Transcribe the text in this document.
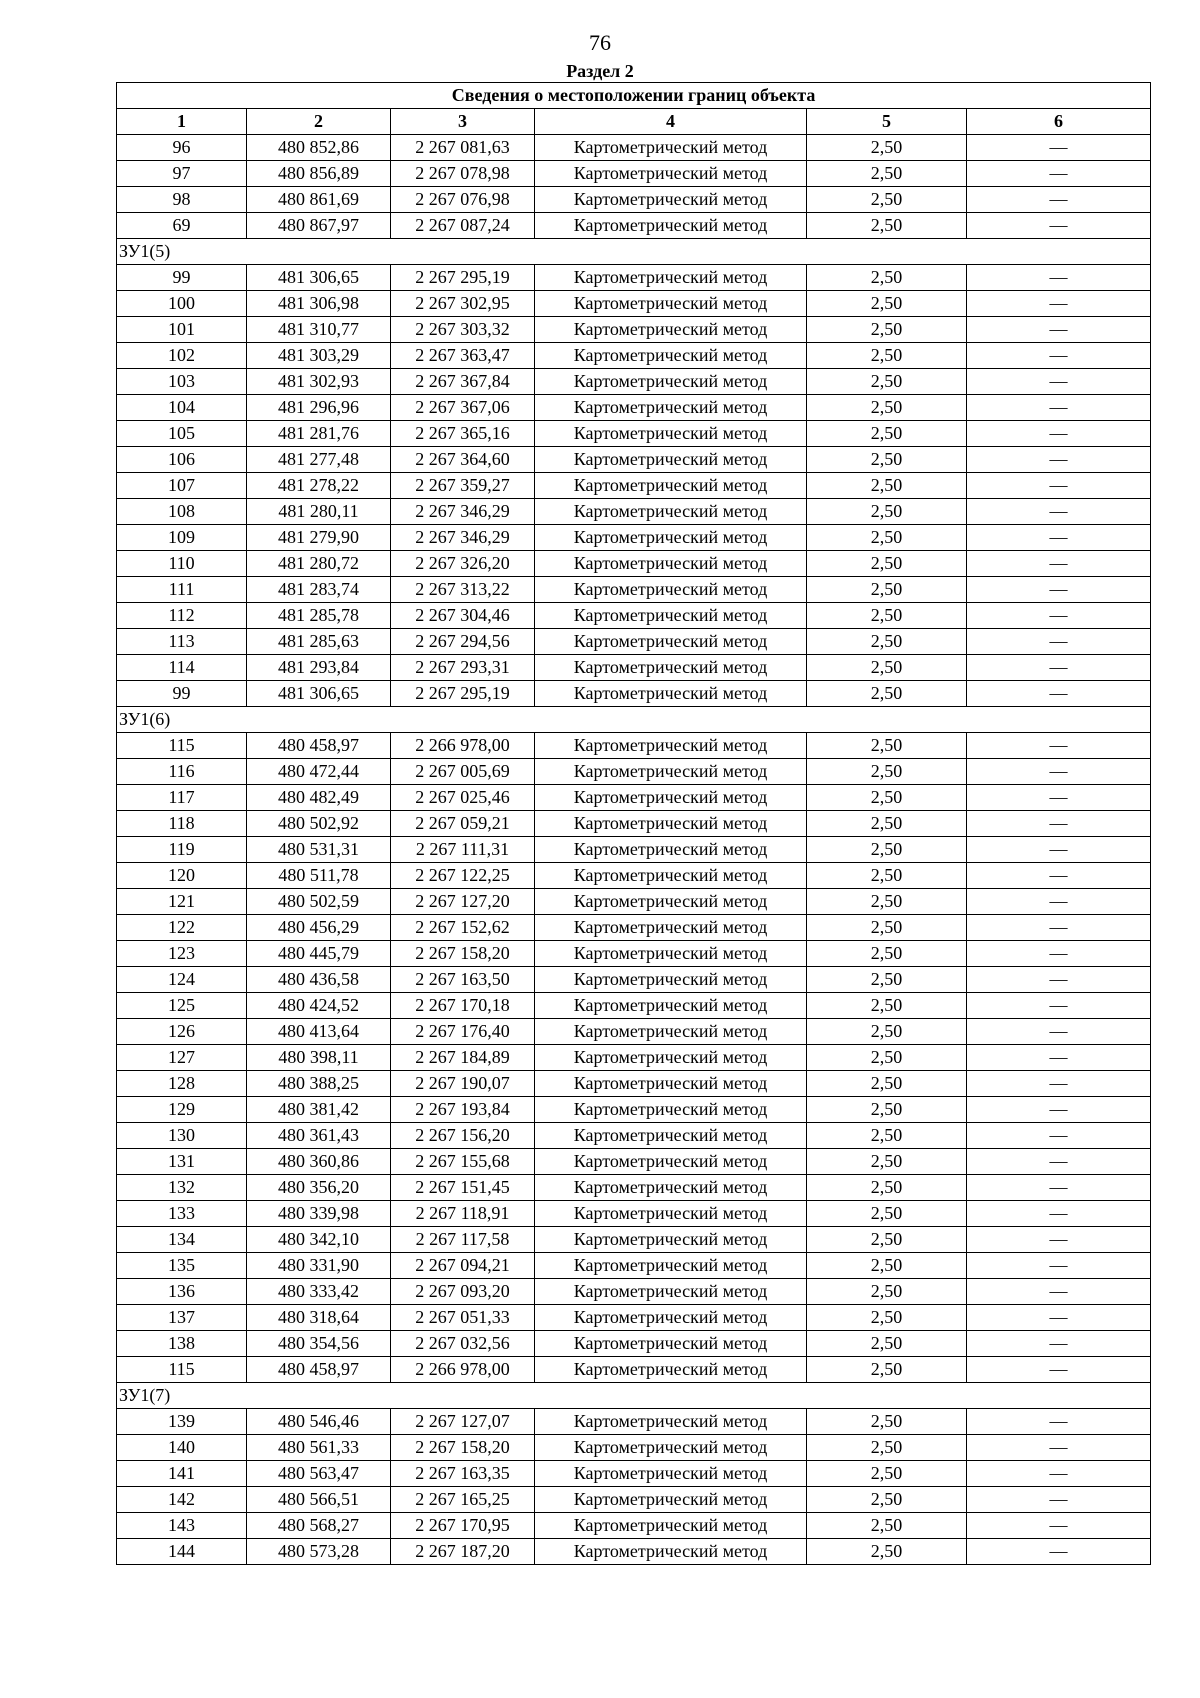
76
Раздел 2
Сведения о местоположении границ объекта					
1	2	3	4	5	6
96	480 852,86	2 267 081,63	Картометрический метод	2,50	—
97	480 856,89	2 267 078,98	Картометрический метод	2,50	—
98	480 861,69	2 267 076,98	Картометрический метод	2,50	—
69	480 867,97	2 267 087,24	Картометрический метод	2,50	—
ЗУ1(5)					
99	481 306,65	2 267 295,19	Картометрический метод	2,50	—
100	481 306,98	2 267 302,95	Картометрический метод	2,50	—
101	481 310,77	2 267 303,32	Картометрический метод	2,50	—
102	481 303,29	2 267 363,47	Картометрический метод	2,50	—
103	481 302,93	2 267 367,84	Картометрический метод	2,50	—
104	481 296,96	2 267 367,06	Картометрический метод	2,50	—
105	481 281,76	2 267 365,16	Картометрический метод	2,50	—
106	481 277,48	2 267 364,60	Картометрический метод	2,50	—
107	481 278,22	2 267 359,27	Картометрический метод	2,50	—
108	481 280,11	2 267 346,29	Картометрический метод	2,50	—
109	481 279,90	2 267 346,29	Картометрический метод	2,50	—
110	481 280,72	2 267 326,20	Картометрический метод	2,50	—
111	481 283,74	2 267 313,22	Картометрический метод	2,50	—
112	481 285,78	2 267 304,46	Картометрический метод	2,50	—
113	481 285,63	2 267 294,56	Картометрический метод	2,50	—
114	481 293,84	2 267 293,31	Картометрический метод	2,50	—
99	481 306,65	2 267 295,19	Картометрический метод	2,50	—
ЗУ1(6)					
115	480 458,97	2 266 978,00	Картометрический метод	2,50	—
116	480 472,44	2 267 005,69	Картометрический метод	2,50	—
117	480 482,49	2 267 025,46	Картометрический метод	2,50	—
118	480 502,92	2 267 059,21	Картометрический метод	2,50	—
119	480 531,31	2 267 111,31	Картометрический метод	2,50	—
120	480 511,78	2 267 122,25	Картометрический метод	2,50	—
121	480 502,59	2 267 127,20	Картометрический метод	2,50	—
122	480 456,29	2 267 152,62	Картометрический метод	2,50	—
123	480 445,79	2 267 158,20	Картометрический метод	2,50	—
124	480 436,58	2 267 163,50	Картометрический метод	2,50	—
125	480 424,52	2 267 170,18	Картометрический метод	2,50	—
126	480 413,64	2 267 176,40	Картометрический метод	2,50	—
127	480 398,11	2 267 184,89	Картометрический метод	2,50	—
128	480 388,25	2 267 190,07	Картометрический метод	2,50	—
129	480 381,42	2 267 193,84	Картометрический метод	2,50	—
130	480 361,43	2 267 156,20	Картометрический метод	2,50	—
131	480 360,86	2 267 155,68	Картометрический метод	2,50	—
132	480 356,20	2 267 151,45	Картометрический метод	2,50	—
133	480 339,98	2 267 118,91	Картометрический метод	2,50	—
134	480 342,10	2 267 117,58	Картометрический метод	2,50	—
135	480 331,90	2 267 094,21	Картометрический метод	2,50	—
136	480 333,42	2 267 093,20	Картометрический метод	2,50	—
137	480 318,64	2 267 051,33	Картометрический метод	2,50	—
138	480 354,56	2 267 032,56	Картометрический метод	2,50	—
115	480 458,97	2 266 978,00	Картометрический метод	2,50	—
ЗУ1(7)					
139	480 546,46	2 267 127,07	Картометрический метод	2,50	—
140	480 561,33	2 267 158,20	Картометрический метод	2,50	—
141	480 563,47	2 267 163,35	Картометрический метод	2,50	—
142	480 566,51	2 267 165,25	Картометрический метод	2,50	—
143	480 568,27	2 267 170,95	Картометрический метод	2,50	—
144	480 573,28	2 267 187,20	Картометрический метод	2,50	—
